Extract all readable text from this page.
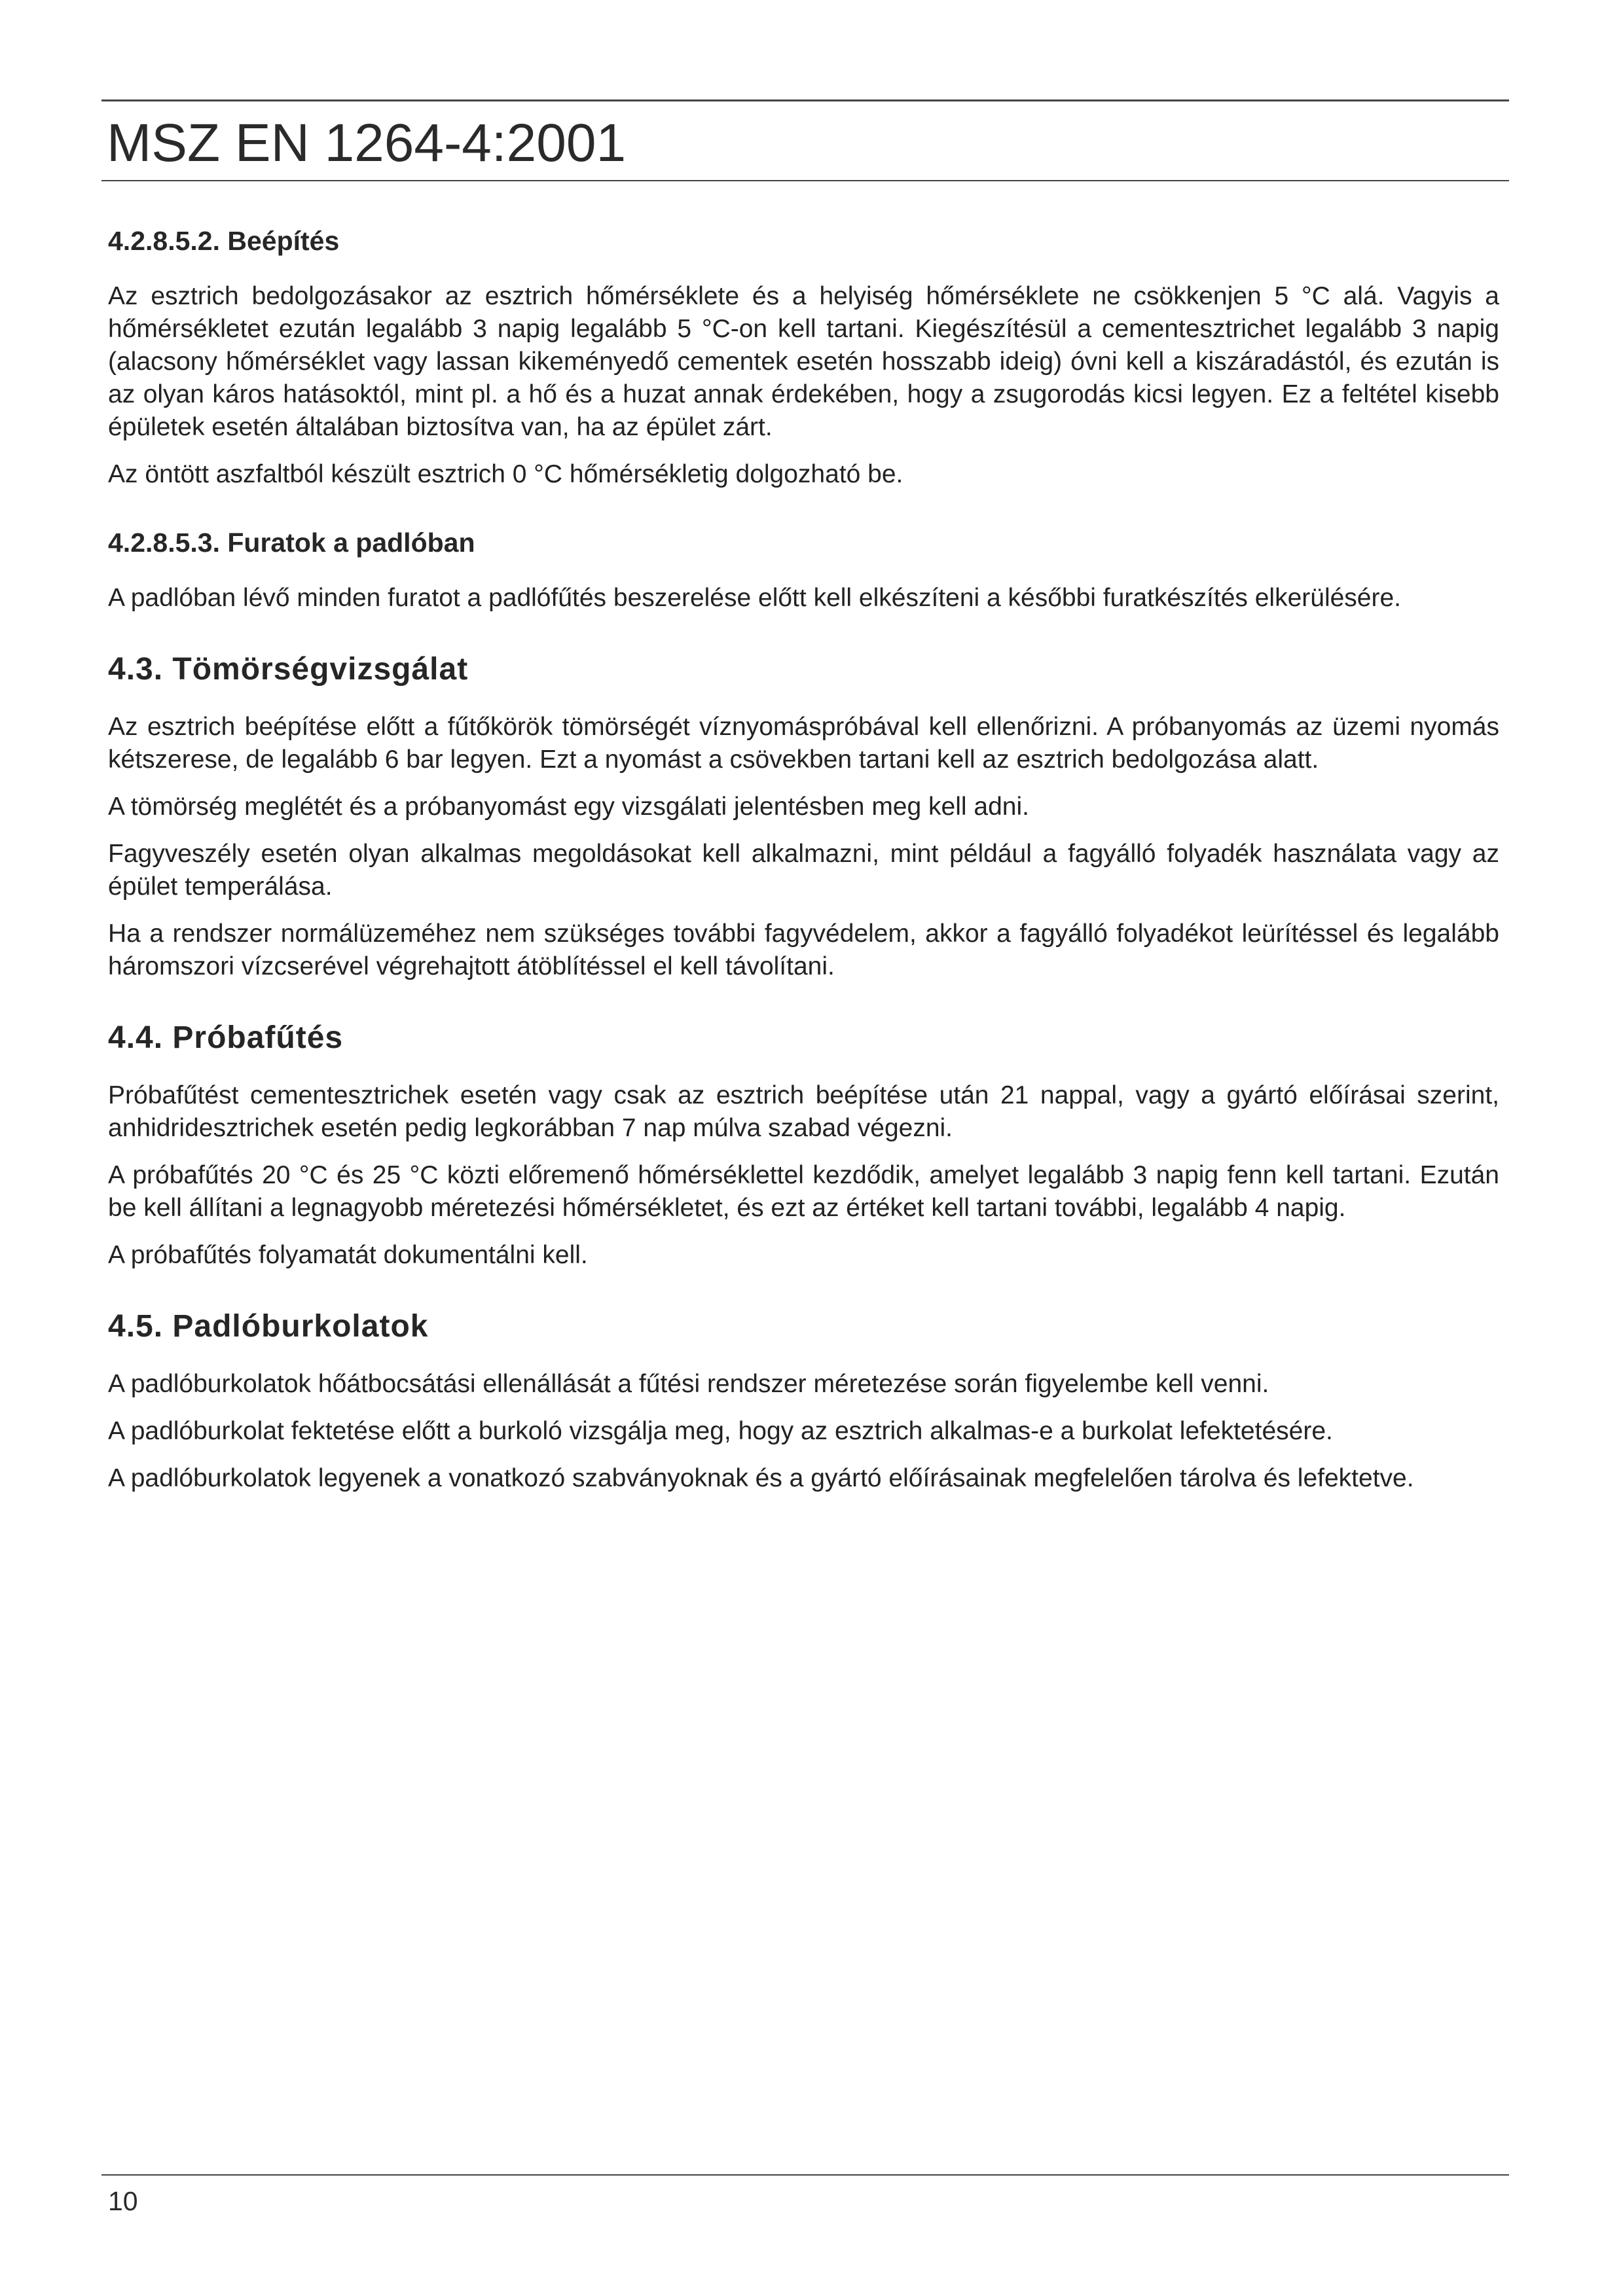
MSZ EN 1264-4:2001
4.2.8.5.2. Beépítés

Az esztrich bedolgozásakor az esztrich hőmérséklete és a helyiség hőmérséklete ne csökkenjen 5 °C alá. Vagyis a hőmérsékletet ezután legalább 3 napig legalább 5 °C-on kell tartani. Kiegészítésül a cementesztrichet legalább 3 napig (alacsony hőmérséklet vagy lassan kikeményedő cementek esetén hosszabb ideig) óvni kell a kiszáradástól, és ezután is az olyan káros hatásoktól, mint pl. a hő és a huzat annak érdekében, hogy a zsugorodás kicsi legyen. Ez a feltétel kisebb épületek esetén általában biztosítva van, ha az épület zárt.

Az öntött aszfaltból készült esztrich 0 °C hőmérsékletig dolgozható be.

4.2.8.5.3. Furatok a padlóban

A padlóban lévő minden furatot a padlófűtés beszerelése előtt kell elkészíteni a későbbi furatkészítés elkerülésére.

4.3. Tömörségvizsgálat

Az esztrich beépítése előtt a fűtőkörök tömörségét víznyomáspróbával kell ellenőrizni. A próbanyomás az üzemi nyomás kétszerese, de legalább 6 bar legyen. Ezt a nyomást a csövekben tartani kell az esztrich bedolgozása alatt.

A tömörség meglétét és a próbanyomást egy vizsgálati jelentésben meg kell adni.

Fagyveszély esetén olyan alkalmas megoldásokat kell alkalmazni, mint például a fagyálló folyadék használata vagy az épület temperálása.

Ha a rendszer normálüzeméhez nem szükséges további fagyvédelem, akkor a fagyálló folyadékot leürítéssel és legalább háromszori vízcserével végrehajtott átöblítéssel el kell távolítani.

4.4. Próbafűtés

Próbafűtést cementesztrichek esetén vagy csak az esztrich beépítése után 21 nappal, vagy a gyártó előírásai szerint, anhidridesztrichek esetén pedig legkorábban 7 nap múlva szabad végezni.

A próbafűtés 20 °C és 25 °C közti előremenő hőmérséklettel kezdődik, amelyet legalább 3 napig fenn kell tartani. Ezután be kell állítani a legnagyobb méretezési hőmérsékletet, és ezt az értéket kell tartani további, legalább 4 napig.

A próbafűtés folyamatát dokumentálni kell.

4.5. Padlóburkolatok

A padlóburkolatok hőátbocsátási ellenállását a fűtési rendszer méretezése során figyelembe kell venni.

A padlóburkolat fektetése előtt a burkoló vizsgálja meg, hogy az esztrich alkalmas-e a burkolat lefektetésére.

A padlóburkolatok legyenek a vonatkozó szabványoknak és a gyártó előírásainak megfelelően tárolva és lefektetve.

10
